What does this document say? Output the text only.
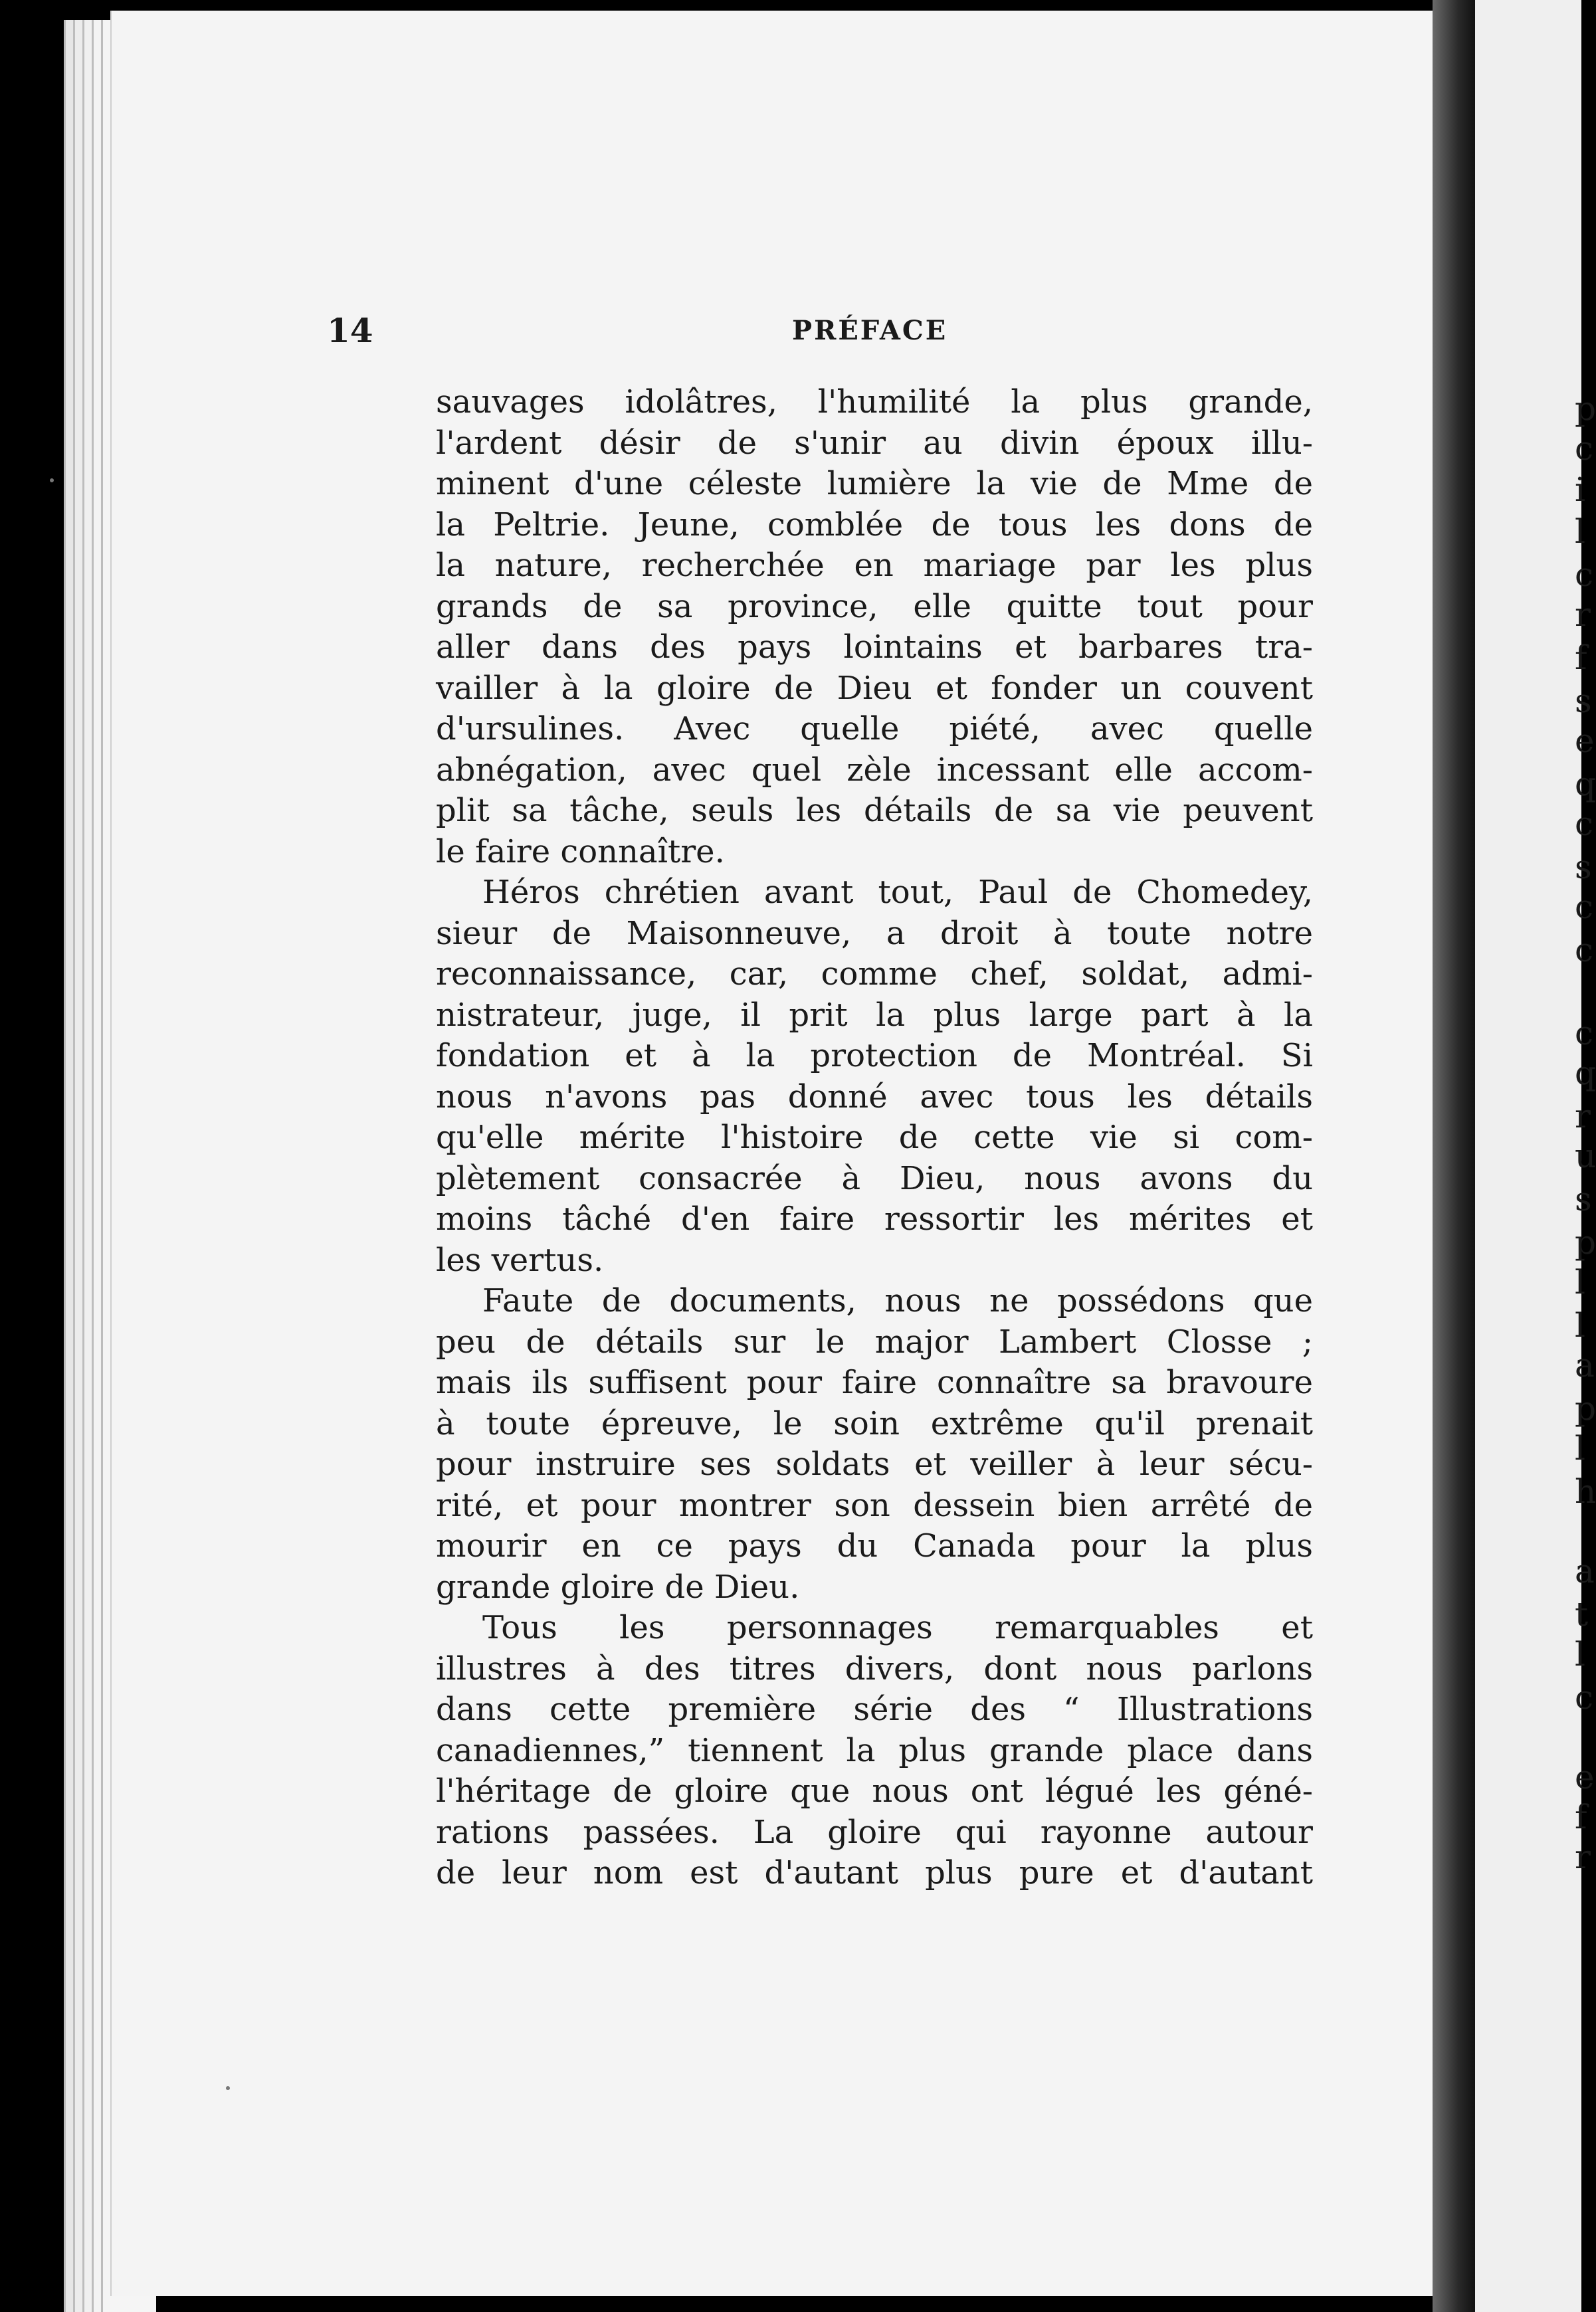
14	PRÉFACE
sauvages idolâtres, l'humilité la plus grande,
l'ardent désir de s'unir au divin époux illu-
minent d'une céleste lumière la vie de Mme de
la Peltrie. Jeune, comblée de tous les dons de
la nature, recherchée en mariage par les plus
grands de sa province, elle quitte tout pour
aller dans des pays lointains et barbares tra-
vailler à la gloire de Dieu et fonder un couvent
d'ursulines. Avec quelle piété, avec quelle
abnégation, avec quel zèle incessant elle accom-
plit sa tâche, seuls les détails de sa vie peuvent
le faire connaître.
Héros chrétien avant tout, Paul de Chomedey,
sieur de Maisonneuve, a droit à toute notre
reconnaissance, car, comme chef, soldat, admi-
nistrateur, juge, il prit la plus large part à la
fondation et à la protection de Montréal. Si
nous n'avons pas donné avec tous les détails
qu'elle mérite l'histoire de cette vie si com-
plètement consacrée à Dieu, nous avons du
moins tâché d'en faire ressortir les mérites et
les vertus.
Faute de documents, nous ne possédons que
peu de détails sur le major Lambert Closse ;
mais ils suffisent pour faire connaître sa bravoure
à toute épreuve, le soin extrême qu'il prenait
pour instruire ses soldats et veiller à leur sécu-
rité, et pour montrer son dessein bien arrêté de
mourir en ce pays du Canada pour la plus
grande gloire de Dieu.
Tous les personnages remarquables et
illustres à des titres divers, dont nous parlons
dans cette première série des “ Illustrations
canadiennes,” tiennent la plus grande place dans
l'héritage de gloire que nous ont légué les géné-
rations passées. La gloire qui rayonne autour
de leur nom est d'autant plus pure et d'autant
p
c
i
l
c
r
f
s
e
q
c
s
c
c
c
q
r
u
s
p
l
l
a
p
l
h
a
t
l
c
e
f
r
